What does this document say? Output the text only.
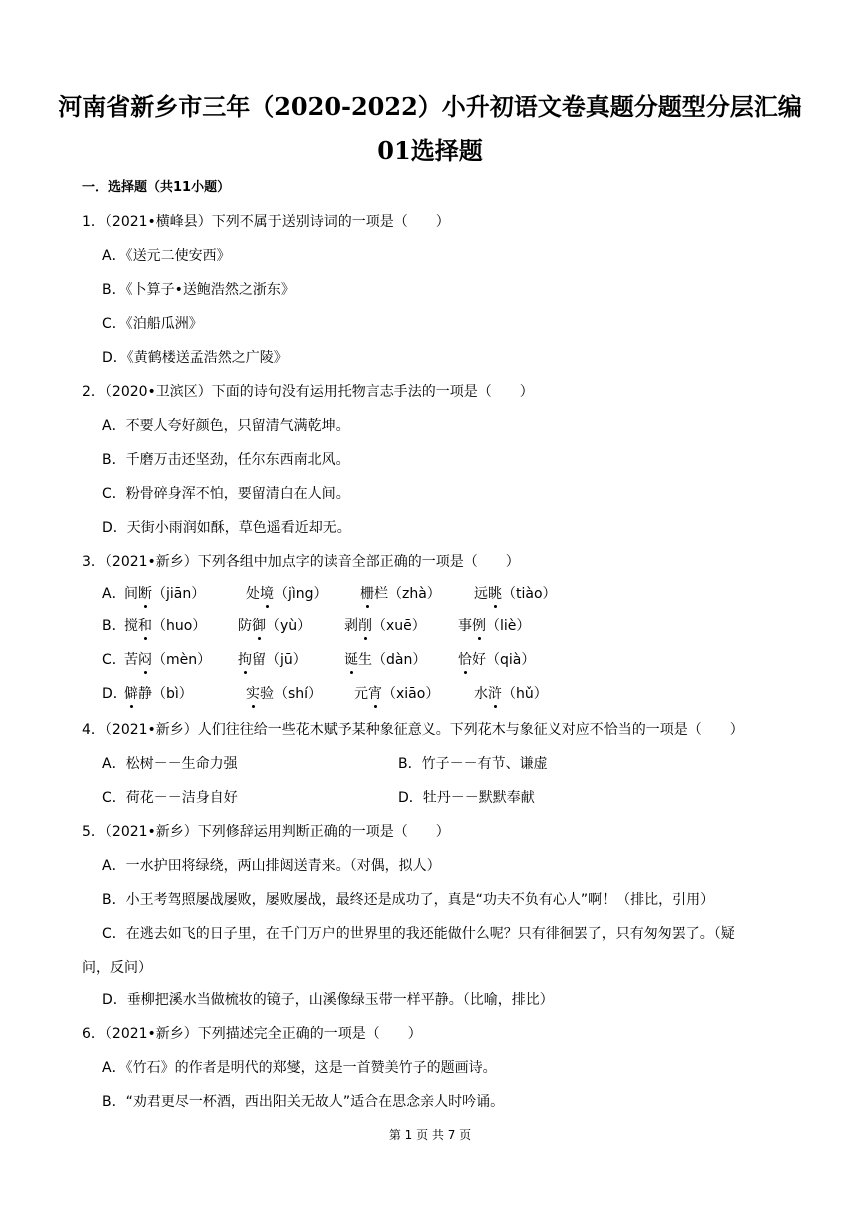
河南省新乡市三年（2020-2022）小升初语文卷真题分题型分层汇编
01选择题
一．选择题（共11小题）
1．（2021•横峰县）下列不属于送别诗词的一项是（　　）
A．《送元二使安西》
B．《卜算子•送鲍浩然之浙东》
C．《泊船瓜洲》
D．《黄鹤楼送孟浩然之广陵》
2．（2020•卫滨区）下面的诗句没有运用托物言志手法的一项是（　　）
A．不要人夸好颜色，只留清气满乾坤。
B．千磨万击还坚劲，任尔东西南北风。
C．粉骨碎身浑不怕，要留清白在人间。
D．天街小雨润如酥，草色遥看近却无。
3．（2021•新乡）下列各组中加点字的读音全部正确的一项是（　　）
A．
间断（jiān）	处境（jìng） 栅栏（zhà） 远眺（tiào）
B．
搅和（huo） 防御（yù） 剥削（xuē） 事例（liè）
C．
苦闷（mèn） 拘留（jū）	诞生（dàn） 恰好（qià）
D．
僻静（bì）	实验（shí） 元宵（xiāo） 水浒（hǔ）
4．（2021•新乡）人们往往给一些花木赋予某种象征意义。下列花木与象征义对应不恰当的一项是（　　）
A．松树－－生命力强	B．竹子－－有节、谦虚
C．荷花－－洁身自好	D．牡丹－－默默奉献
5．（2021•新乡）下列修辞运用判断正确的一项是（　　）
A．一水护田将绿绕，两山排闼送青来。（对偶，拟人）
B．小王考驾照屡战屡败，屡败屡战，最终还是成功了，真是“功夫不负有心人”啊！（排比，引用）
C．在逃去如飞的日子里，在千门万户的世界里的我还能做什么呢？只有徘徊罢了，只有匆匆罢了。（疑
问，反问）
D．垂柳把溪水当做梳妆的镜子，山溪像绿玉带一样平静。（比喻，排比）
6．（2021•新乡）下列描述完全正确的一项是（　　）
A．《竹石》的作者是明代的郑燮，这是一首赞美竹子的题画诗。
B．“劝君更尽一杯酒，西出阳关无故人”适合在思念亲人时吟诵。
第 1 页 共 7 页
